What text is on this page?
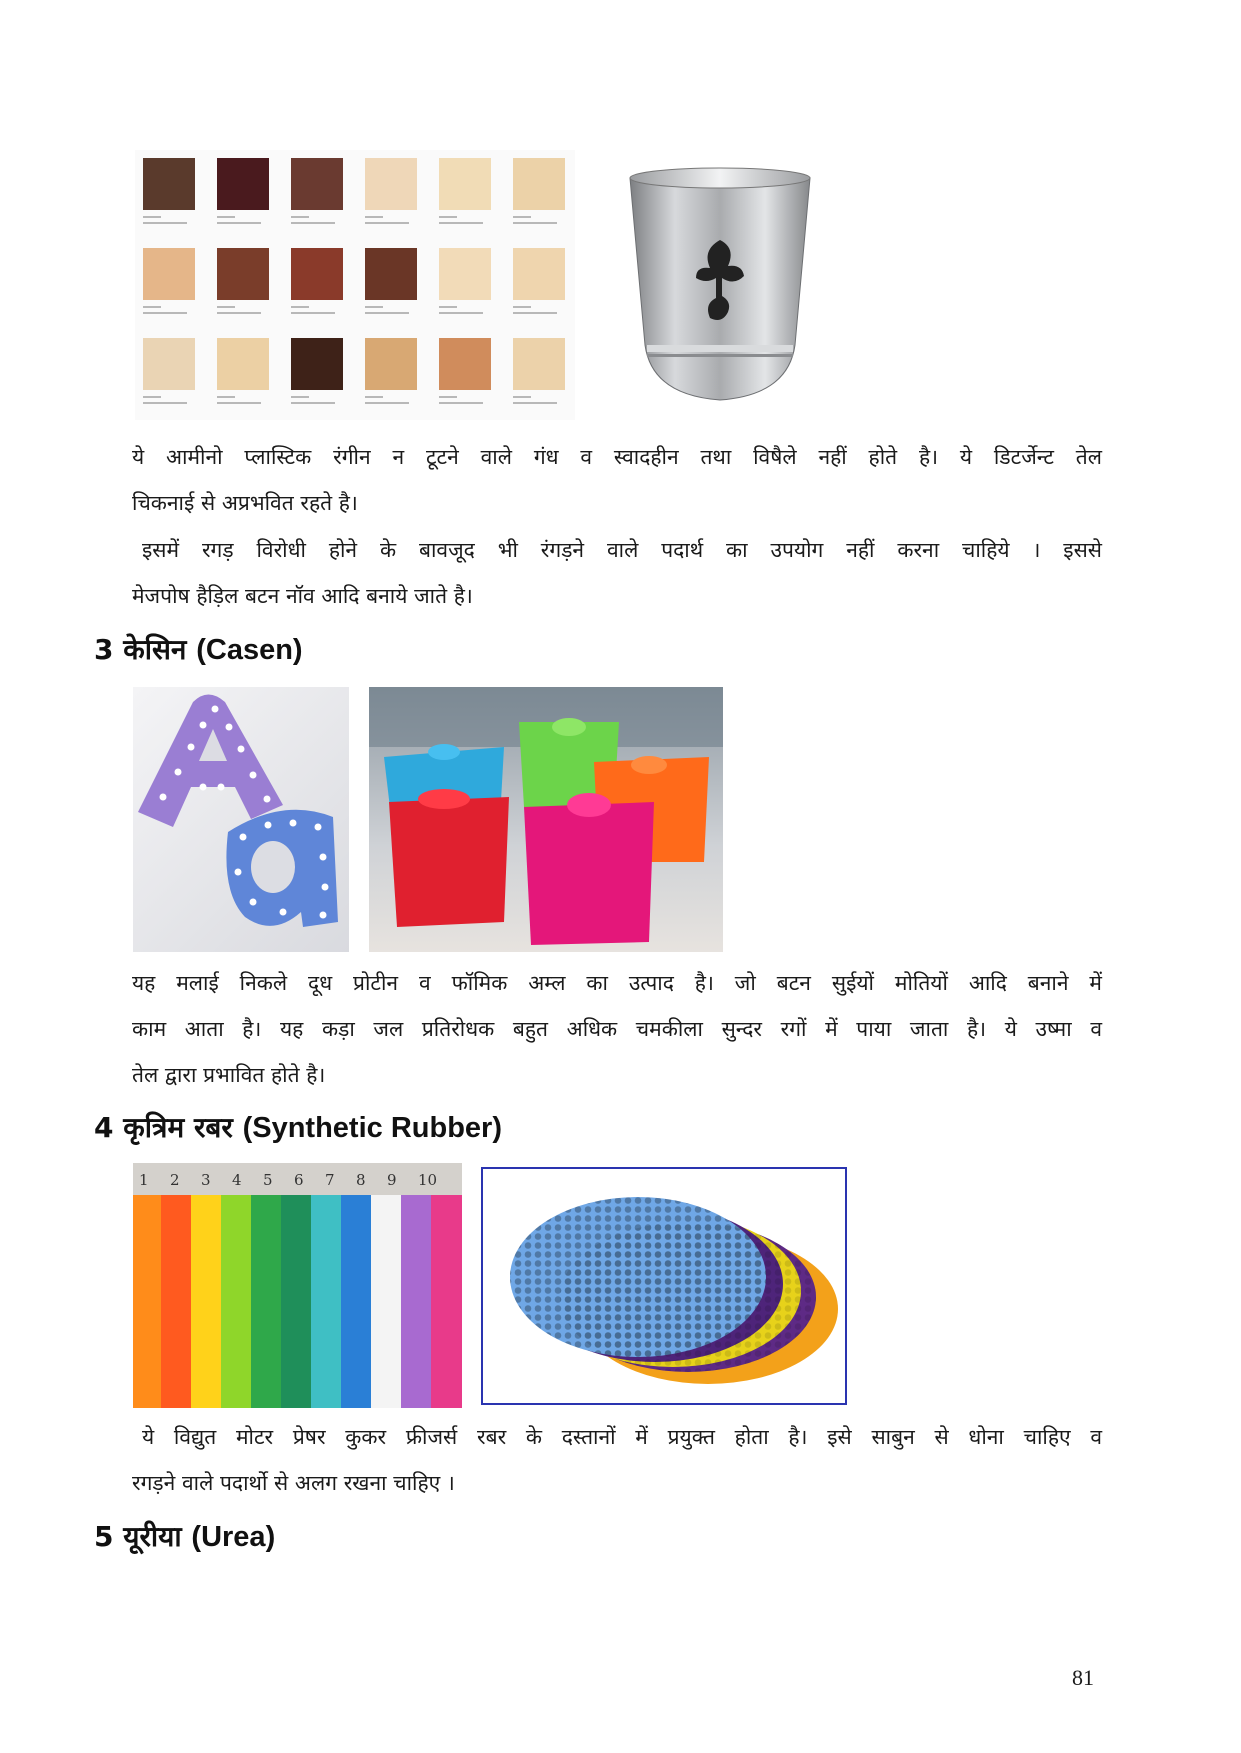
ये आमीनो प्लास्टिक रंगीन न टूटने वाले गंध व स्वादहीन तथा विषैले नहीं होते है। ये डिटर्जेन्ट तेल
चिकनाई से अप्रभवित रहते है।
इसमें रगड़ विरोधी होने के बावजूद भी रंगड़ने वाले पदार्थ का उपयोग नहीं करना चाहिये । इससे
मेजपोष हैड़िल बटन नॉव आदि बनाये जाते है।
3 केसिन (Casen)
यह मलाई निकले दूध प्रोटीन व फॉमिक अम्ल का उत्पाद है। जो बटन सुईयों मोतियों आदि बनाने में
काम आता है। यह कड़ा जल प्रतिरोधक बहुत अधिक चमकीला सुन्दर रगों में पाया जाता है। ये उष्मा व
तेल द्वारा प्रभावित होते है।
4 कृत्रिम रबर (Synthetic Rubber)
1 2 3 4 5 6 7 8 9 10
ये विद्युत मोटर प्रेषर कुकर फ्रीजर्स रबर के दस्तानों में प्रयुक्त होता है। इसे साबुन से धोना चाहिए व
रगड़ने वाले पदार्थो से अलग रखना चाहिए ।
5 यूरीया (Urea)
81
